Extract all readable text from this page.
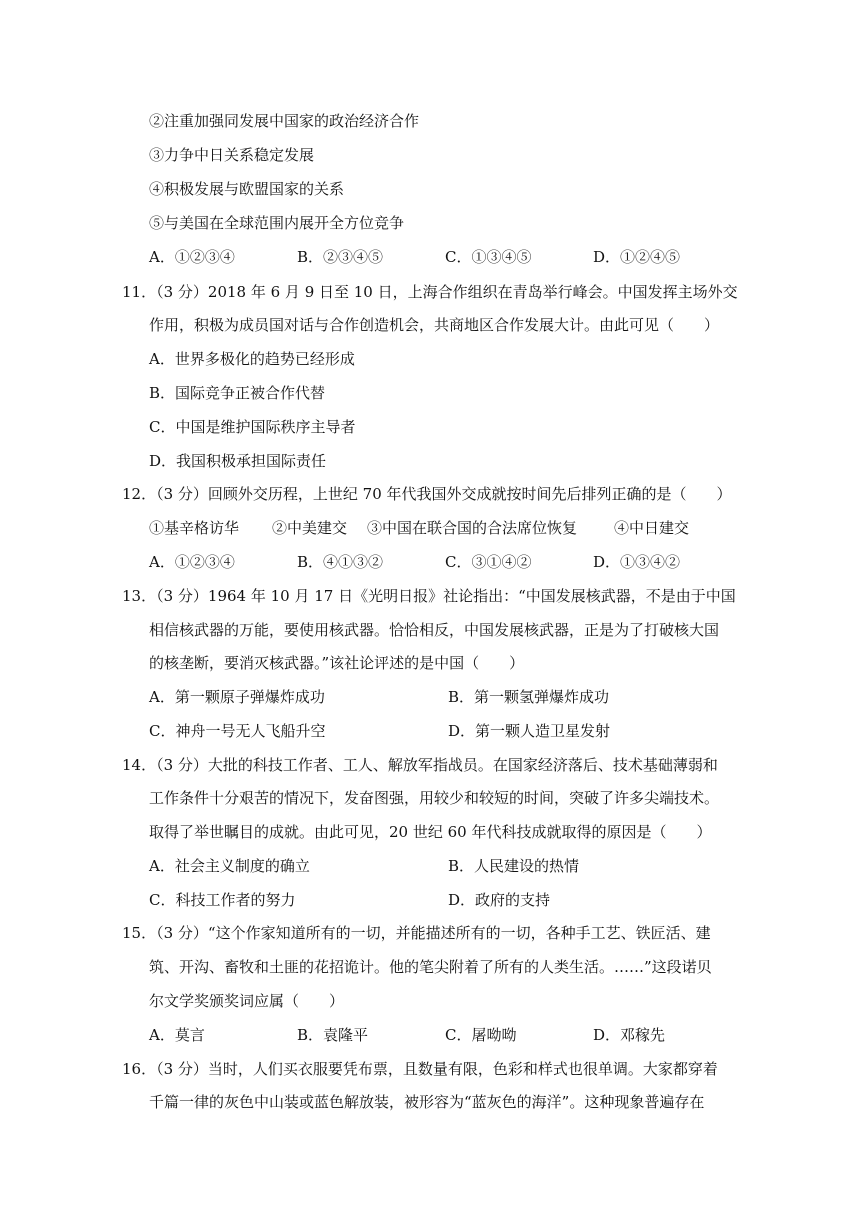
②注重加强同发展中国家的政治经济合作
③力争中日关系稳定发展
④积极发展与欧盟国家的关系
⑤与美国在全球范围内展开全方位竞争
A．①②③④	B．②③④⑤	C．①③④⑤	D．①②④⑤
11．（3 分）2018 年 6 月 9 日至 10 日，上海合作组织在青岛举行峰会。中国发挥主场外交
作用，积极为成员国对话与合作创造机会，共商地区合作发展大计。由此可见（　　）
A．世界多极化的趋势已经形成
B．国际竞争正被合作代替
C．中国是维护国际秩序主导者
D．我国积极承担国际责任
12．（3 分）回顾外交历程，上世纪 70 年代我国外交成就按时间先后排列正确的是（　　）
①基辛格访华 ②中美建交 ③中国在联合国的合法席位恢复 ④中日建交
A．①②③④	B．④①③②	C．③①④②	D．①③④②
13．（3 分）1964 年 10 月 17 日《光明日报》社论指出：“中国发展核武器，不是由于中国
相信核武器的万能，要使用核武器。恰恰相反，中国发展核武器，正是为了打破核大国
的核垄断，要消灭核武器。”该社论评述的是中国（　　）
A．第一颗原子弹爆炸成功	B．第一颗氢弹爆炸成功
C．神舟一号无人飞船升空	D．第一颗人造卫星发射
14．（3 分）大批的科技工作者、工人、解放军指战员。在国家经济落后、技术基础薄弱和
工作条件十分艰苦的情况下，发奋图强，用较少和较短的时间，突破了许多尖端技术。
取得了举世瞩目的成就。由此可见，20 世纪 60 年代科技成就取得的原因是（　　）
A．社会主义制度的确立	B．人民建设的热情
C．科技工作者的努力	D．政府的支持
15．（3 分）“这个作家知道所有的一切，并能描述所有的一切，各种手工艺、铁匠活、建
筑、开沟、畜牧和土匪的花招诡计。他的笔尖附着了所有的人类生活。……”这段诺贝
尔文学奖颁奖词应属（　　）
A．莫言	B．袁隆平	C．屠呦呦	D．邓稼先
16．（3 分）当时，人们买衣服要凭布票，且数量有限，色彩和样式也很单调。大家都穿着
千篇一律的灰色中山装或蓝色解放装，被形容为“蓝灰色的海洋”。这种现象普遍存在
